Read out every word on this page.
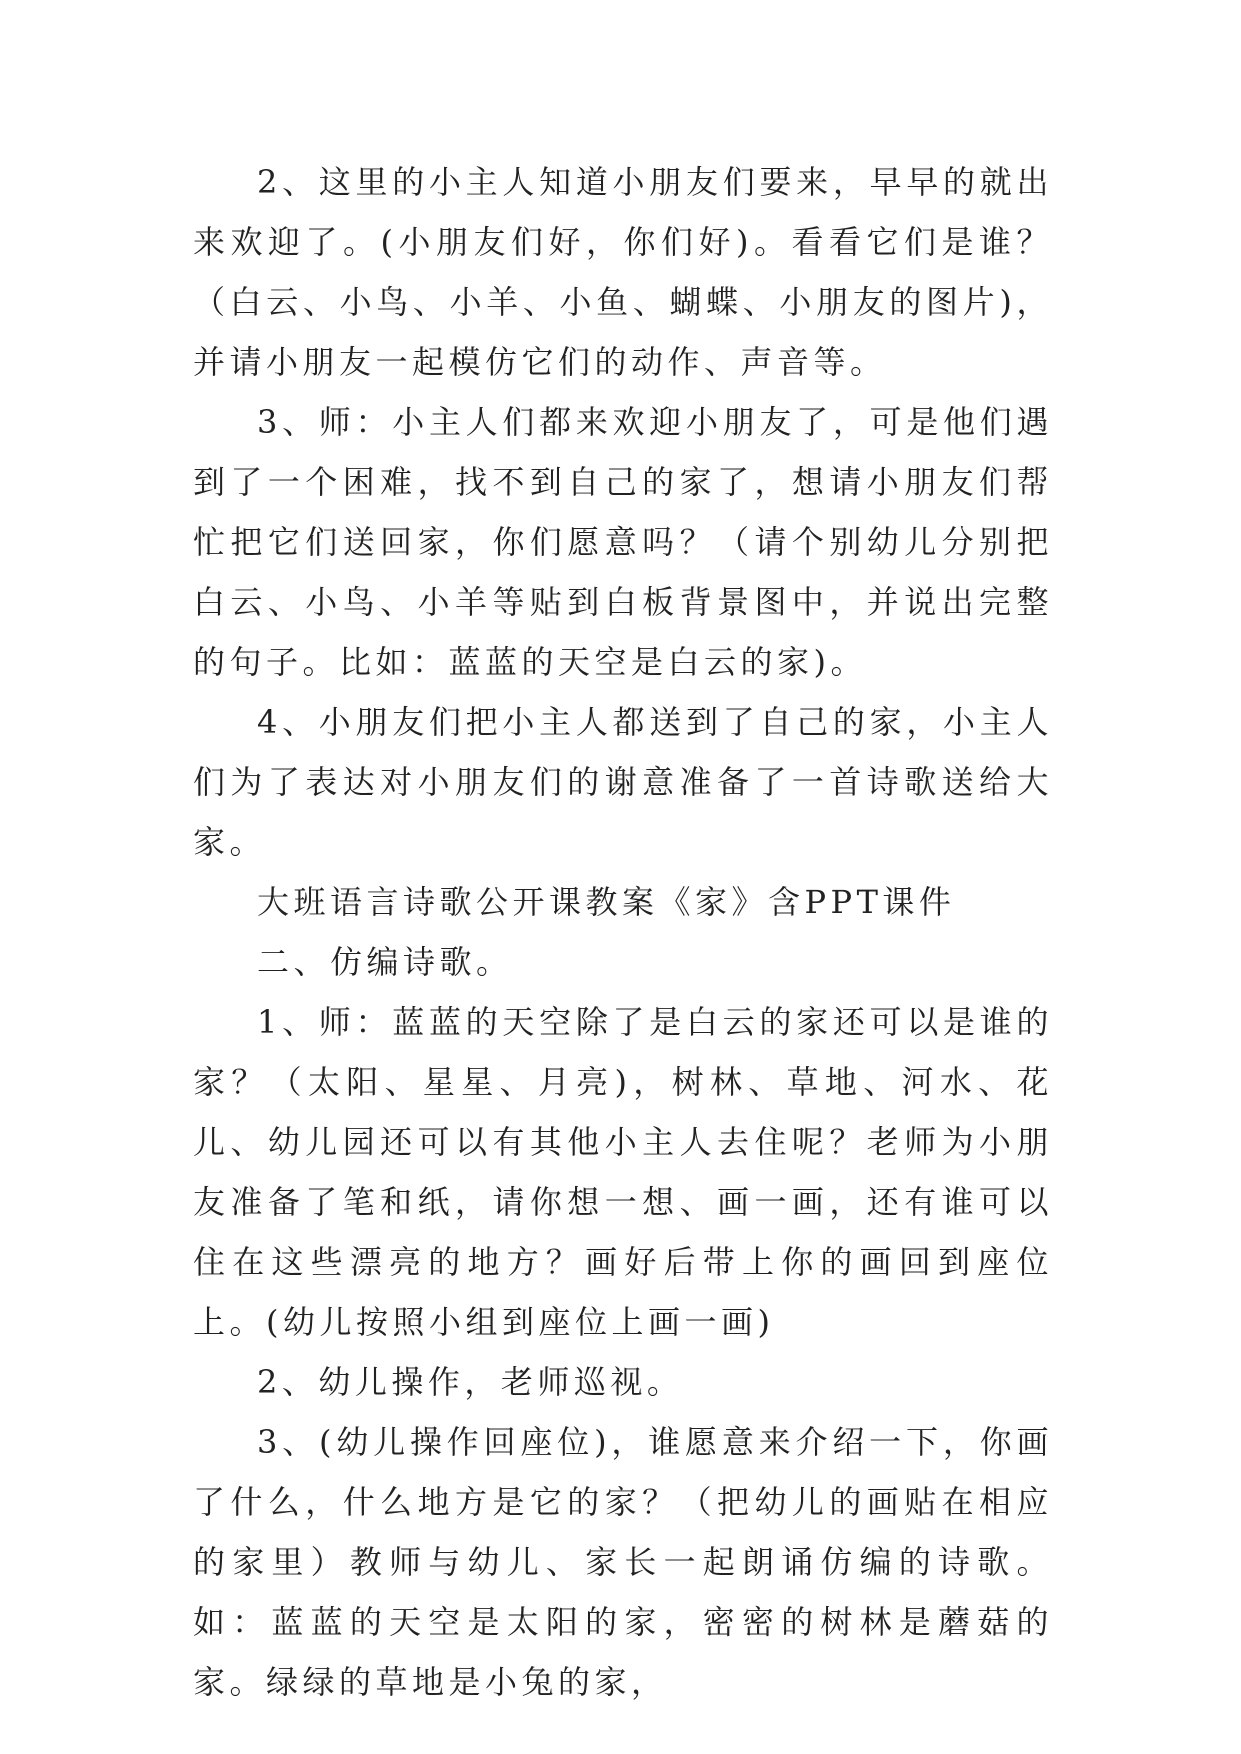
2、这里的小主人知道小朋友们要来，早早的就出来欢迎了。(小朋友们好，你们好)。看看它们是谁？（白云、小鸟、小羊、小鱼、蝴蝶、小朋友的图片)，并请小朋友一起模仿它们的动作、声音等。

3、师：小主人们都来欢迎小朋友了，可是他们遇到了一个困难，找不到自己的家了，想请小朋友们帮忙把它们送回家，你们愿意吗？（请个别幼儿分别把白云、小鸟、小羊等贴到白板背景图中，并说出完整的句子。比如：蓝蓝的天空是白云的家)。

4、小朋友们把小主人都送到了自己的家，小主人们为了表达对小朋友们的谢意准备了一首诗歌送给大家。

大班语言诗歌公开课教案《家》含PPT课件

二、仿编诗歌。

1、师：蓝蓝的天空除了是白云的家还可以是谁的家？（太阳、星星、月亮)，树林、草地、河水、花儿、幼儿园还可以有其他小主人去住呢？老师为小朋友准备了笔和纸，请你想一想、画一画，还有谁可以住在这些漂亮的地方？画好后带上你的画回到座位上。(幼儿按照小组到座位上画一画)

2、幼儿操作，老师巡视。

3、(幼儿操作回座位)，谁愿意来介绍一下，你画了什么，什么地方是它的家？（把幼儿的画贴在相应的家里）教师与幼儿、家长一起朗诵仿编的诗歌。如：蓝蓝的天空是太阳的家，密密的树林是蘑菇的家。绿绿的草地是小兔的家，
